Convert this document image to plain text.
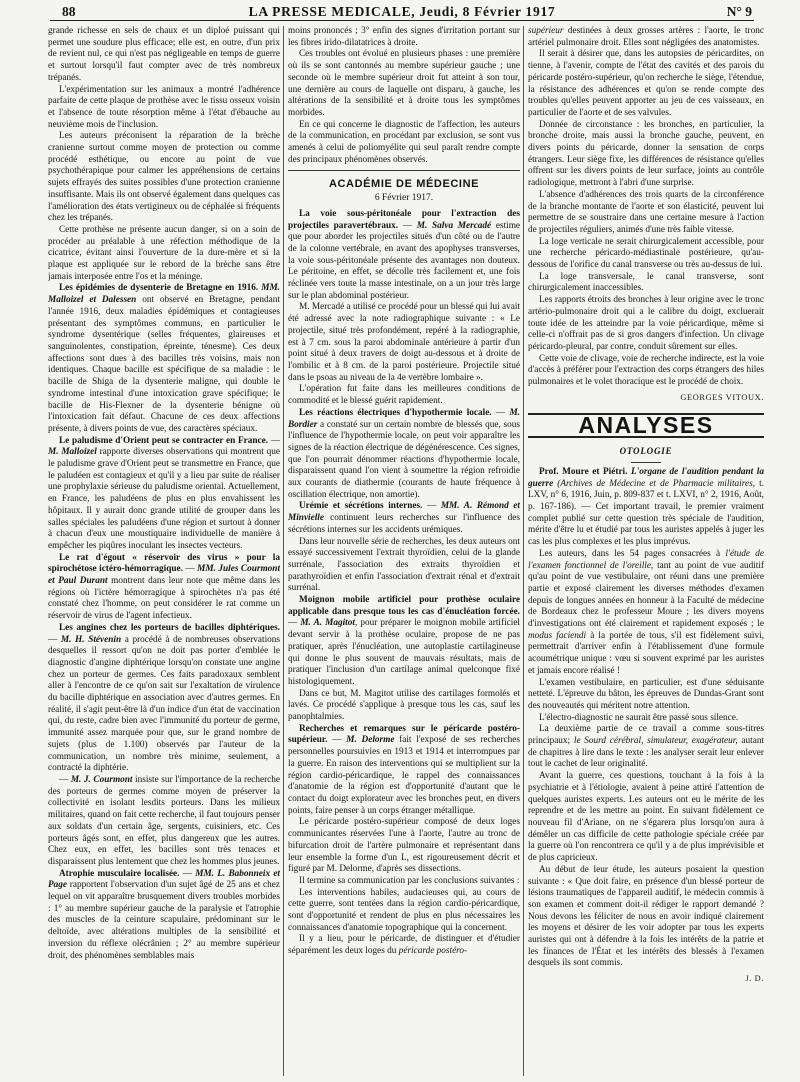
88	LA PRESSE MEDICALE, Jeudi, 8 Février 1917	N° 9

grande richesse en sels de chaux et un diploé puissant qui permet une soudure plus efficace; elle est, en outre, d'un prix de revient nul, ce qui n'est pas négligeable en temps de guerre et surtout lorsqu'il faut compter avec de très nombreux trépanés.

L'expérimentation sur les animaux a montré l'adhérence parfaite de cette plaque de prothèse avec le tissu osseux voisin et l'absence de toute résorption même à l'état d'ébauche au neuvième mois de l'inclusion.

Les auteurs préconisent la réparation de la brèche cranienne surtout comme moyen de protection ou comme procédé esthétique, ou encore au point de vue psychothérapique pour calmer les appréhensions de certains sujets effrayés des suites possibles d'une protection cranienne insuffisante. Mais ils ont observé également dans quelques cas l'amélioration des états vertigineux ou de céphalée si fréquents chez les trépanés.

Cette prothèse ne présente aucun danger, si on a soin de procéder au préalable à une réfection méthodique de la cicatrice, évitant ainsi l'ouverture de la dure-mère et si la plaque est appliquée sur le rebord de la brèche sans être jamais interposée entre l'os et la méninge.

Les épidémies de dysenterie de Bretagne en 1916. MM. Malloizel et Dalessen ont observé en Bretagne, pendant l'année 1916, deux maladies épidémiques et contagieuses présentant des symptômes communs, en particulier le syndrome dysentérique (selles fréquentes, glaireuses et sanguinolentes, constipation, épreinte, ténesme). Ces deux affections sont dues à des bacilles très voisins, mais non identiques. Chaque bacille est spécifique de sa maladie : le bacille de Shiga de la dysenterie maligne, qui double le syndrome intestinal d'une intoxication grave spécifique; le bacille de His-Flexner de la dysenterie bénigne où l'intoxication fait défaut. Chacune de ces deux affections présente, à divers points de vue, des caractères spéciaux.

Le paludisme d'Orient peut se contracter en France. — M. Malloizel rapporte diverses observations qui montrent que le paludisme grave d'Orient peut se transmettre en France, que le paludéen est contagieux et qu'il y a lieu par suite de réaliser une prophylaxie sérieuse du paludisme oriental. Actuellement, en France, les paludéens de plus en plus envahissent les hôpitaux. Il y aurait donc grande utilité de grouper dans les salles spéciales les paludéens d'une région et surtout à donner à chacun d'eux une moustiquaire individuelle de manière à empêcher les piqûres inoculant les insectes vecteurs.

Le rat d'égout « réservoir des virus » pour la spirochétose ictéro-hémorragique. — MM. Jules Courmont et Paul Durant montrent dans leur note que même dans les régions où l'ictère hémorragique à spirochètes n'a pas été constaté chez l'homme, on peut considérer le rat comme un réservoir de virus de l'agent infectieux.

Les angines chez les porteurs de bacilles diphtériques. — M. H. Stévenin a procédé à de nombreuses observations desquelles il ressort qu'on ne doit pas porter d'emblée le diagnostic d'angine diphtérique lorsqu'on constate une angine chez un porteur de germes. Ces faits paradoxaux semblent aller à l'encontre de ce qu'on sait sur l'exaltation de virulence du bacille diphtérique en association avec d'autres germes. En réalité, il s'agit peut-être là d'un indice d'un état de vaccination qui, du reste, cadre bien avec l'immunité du porteur de germe, immunité assez marquée pour que, sur le grand nombre de sujets (plus de 1.100) observés par l'auteur de la communication, un nombre très minime, seulement, a contracté la diphtérie.

— M. J. Courmont insiste sur l'importance de la recherche des porteurs de germes comme moyen de préserver la collectivité en isolant lesdits porteurs. Dans les milieux militaires, quand on fait cette recherche, il faut toujours penser aux soldats d'un certain âge, sergents, cuisiniers, etc. Ces porteurs âgés sont, en effet, plus dangereux que les autres. Chez eux, en effet, les bacilles sont très tenaces et disparaissent plus lentement que chez les hommes plus jeunes.

Atrophie musculaire localisée. — MM. L. Babonneix et Page rapportent l'observation d'un sujet âgé de 25 ans et chez lequel on vit apparaître brusquement divers troubles morbides : 1° au membre supérieur gauche de la paralysie et l'atrophie des muscles de la ceinture scapulaire, prédominant sur le deltoïde, avec altérations multiples de la sensibilité et inversion du réflexe olécrânien ; 2° au membre supérieur droit, des phénomènes semblables mais

moins prononcés ; 3° enfin des signes d'irritation portant sur les fibres irido-dilatatrices à droite.

Ces troubles ont évolué en plusieurs phases : une première où ils se sont cantonnés au membre supérieur gauche ; une seconde où le membre supérieur droit fut atteint à son tour, une dernière au cours de laquelle ont disparu, à gauche, les altérations de la sensibilité et à droite tous les symptômes morbides.

En ce qui concerne le diagnostic de l'affection, les auteurs de la communication, en procédant par exclusion, se sont vus amenés à celui de poliomyélite qui seul paraît rendre compte des principaux phénomènes observés.

ACADÉMIE DE MÉDECINE
6 Février 1917.

La voie sous-péritonéale pour l'extraction des projectiles paravertébraux. — M. Salva Mercadé estime que pour aborder les projectiles situés d'un côté ou de l'autre de la colonne vertébrale, en avant des apophyses transverses, la voie sous-péritonéale présente des avantages non douteux. Le péritoine, en effet, se décolle très facilement et, une fois réclinée vers toute la masse intestinale, on a un jour très large sur le plan abdominal postérieur.

M. Mercadé a utilisé ce procédé pour un blessé qui lui avait été adressé avec la note radiographique suivante : « Le projectile, situé très profondément, repéré à la radiographie, est à 7 cm. sous la paroi abdominale antérieure à partir d'un point situé à deux travers de doigt au-dessous et à droite de l'ombilic et à 8 cm. de la paroi postérieure. Projectile situé dans le psoas au niveau de la 4e vertèbre lombaire ».

L'opération fut faite dans les meilleures conditions de commodité et le blessé guérit rapidement.

Les réactions électriques d'hypothermie locale. — M. Bordier a constaté sur un certain nombre de blessés que, sous l'influence de l'hypothermie locale, on peut voir apparaître les signes de la réaction électrique de dégénérescence. Ces signes, que l'on pourrait dénommer réactions d'hypothermie locale, disparaissent quand l'on vient à soumettre la région refroidie aux courants de diathermie (courants de haute fréquence à oscillation électrique, non amortie).

Urémie et sécrétions internes. — MM. A. Rémond et Minvielle continuent leurs recherches sur l'influence des sécrétions internes sur les accidents urémiques.

Dans leur nouvelle série de recherches, les deux auteurs ont essayé successivement l'extrait thyroïdien, celui de la glande surrénale, l'association des extraits thyroïdien et parathyroïdien et enfin l'association d'extrait rénal et d'extrait surrénal.

Moignon mobile artificiel pour prothèse oculaire applicable dans presque tous les cas d'énucléation forcée. — M. A. Magitot, pour préparer le moignon mobile artificiel devant servir à la prothèse oculaire, propose de ne pas pratiquer, après l'énucléation, une autoplastie cartilagineuse qui donne le plus souvent de mauvais résultats, mais de pratiquer l'inclusion d'un cartilage animal quelconque fixé histologiquement.

Dans ce but, M. Magitot utilise des cartilages formolés et lavés. Ce procédé s'applique à presque tous les cas, sauf les panophtalmies.

Recherches et remarques sur le péricarde postéro-supérieur. — M. Delorme fait l'exposé de ses recherches personnelles poursuivies en 1913 et 1914 et interrompues par la guerre. En raison des interventions qui se multiplient sur la région cardio-péricardique, le rappel des connaissances d'anatomie de la région est d'opportunité d'autant que le contact du doigt explorateur avec les bronches peut, en divers points, faire penser à un corps étranger métallique.

Le péricarde postéro-supérieur composé de deux loges communicantes réservées l'une à l'aorte, l'autre au tronc de bifurcation droit de l'artère pulmonaire et représentant dans leur ensemble la forme d'un L, est rigoureusement décrit et figuré par M. Delorme, d'après ses dissections.

Il termine sa communication par les conclusions suivantes :

Les interventions habiles, audacieuses qui, au cours de cette guerre, sont tentées dans la région cardio-péricardique, sont d'opportunité et rendent de plus en plus nécessaires les connaissances d'anatomie topographique qui la concernent.

Il y a lieu, pour le péricarde, de distinguer et d'étudier séparément les deux loges du péricarde postéro-

supérieur destinées à deux grosses artères : l'aorte, le tronc artériel pulmonaire droit. Elles sont négligées des anatomistes.

Il serait à désirer que, dans les autopsies de péricardites, on tienne, à l'avenir, compte de l'état des cavités et des parois du péricarde postéro-supérieur, qu'on recherche le siège, l'étendue, la résistance des adhérences et qu'on se rende compte des troubles qu'elles peuvent apporter au jeu de ces vaisseaux, en particulier de l'aorte et de ses valvules.

Donnée de circonstance : les bronches, en particulier, la bronche droite, mais aussi la bronche gauche, peuvent, en divers points du péricarde, donner la sensation de corps étrangers. Leur siège fixe, les différences de résistance qu'elles offrent sur les divers points de leur surface, joints au contrôle radiologique, mettront à l'abri d'une surprise.

L'absence d'adhérences des trois quarts de la circonférence de la branche montante de l'aorte et son élasticité, peuvent lui permettre de se soustraire dans une certaine mesure à l'action de projectiles réguliers, animés d'une très faible vitesse.

La loge verticale ne serait chirurgicalement accessible, pour une recherche péricardo-médiastinale postérieure, qu'au-dessous de l'orifice du canal transverse ou très au-dessus de lui.

La loge transversale, le canal transverse, sont chirurgicalement inaccessibles.

Les rapports étroits des bronches à leur origine avec le tronc artério-pulmonaire droit qui a le calibre du doigt, excluerait toute idée de les atteindre par la voie péricardique, même si celle-ci n'offrait pas de si gros dangers d'infection. Un clivage péricardo-pleural, par contre, conduit sûrement sur elles.

Cette voie de clivage, voie de recherche indirecte, est la voie d'accès à préférer pour l'extraction des corps étrangers des hiles pulmonaires et le volet thoracique est le procédé de choix.

GEORGES VITOUX.
ANALYSES
OTOLOGIE

Prof. Moure et Piétri. L'organe de l'audition pendant la guerre (Archives de Médecine et de Pharmacie militaires, t. LXV, n° 6, 1916, Juin, p. 809-837 et t. LXVI, n° 2, 1916, Août, p. 167-186). — Cet important travail, le premier vraiment complet publié sur cette question très spéciale de l'audition, mérite d'être lu et étudié par tous les auristes appelés à juger les cas les plus complexes et les plus imprévus.

Les auteurs, dans les 54 pages consacrées à l'étude de l'examen fonctionnel de l'oreille, tant au point de vue auditif qu'au point de vue vestibulaire, ont réuni dans une première partie et exposé clairement les diverses méthodes d'examen depuis de longues années en honneur à la Faculté de médecine de Bordeaux chez le professeur Moure ; les divers moyens d'investigations ont été clairement et rapidement exposés ; le modus faciendi à la portée de tous, s'il est fidèlement suivi, permettrait d'arriver enfin à l'établissement d'une formule acoumétrique unique : vœu si souvent exprimé par les auristes et jamais encore réalisé !

L'examen vestibulaire, en particulier, est d'une séduisante netteté. L'épreuve du bâton, les épreuves de Dundas-Grant sont des nouveautés qui méritent notre attention.

L'électro-diagnostic ne saurait être passé sous silence.

La deuxième partie de ce travail a comme sous-titres principaux; le Sourd cérébral, simulateur, exagérateur, autant de chapitres à lire dans le texte : les analyser serait leur enlever tout le cachet de leur originalité.

Avant la guerre, ces questions, touchant à la fois à la psychiatrie et à l'étiologie, avaient à peine attiré l'attention de quelques auristes experts. Les auteurs ont eu le mérite de les reprendre et de les mettre au point. En suivant fidèlement ce nouveau fil d'Ariane, on ne s'égarera plus lorsqu'on aura à démêler un cas difficile de cette pathologie spéciale créée par la guerre où l'on rencontrera ce qu'il y a de plus imprévisible et de plus capricieux.

Au début de leur étude, les auteurs posaient la question suivante : « Que doit faire, en présence d'un blessé porteur de lésions traumatiques de l'appareil auditif, le médecin commis à son examen et comment doit-il rédiger le rapport demandé ? Nous devons les féliciter de nous en avoir indiqué clairement les moyens et désirer de les voir adopter par tous les experts auristes qui ont à défendre à la fois les intérêts de la patrie et les finances de l'État et les intérêts des blessés à l'examen desquels ils sont commis.

J. D.
